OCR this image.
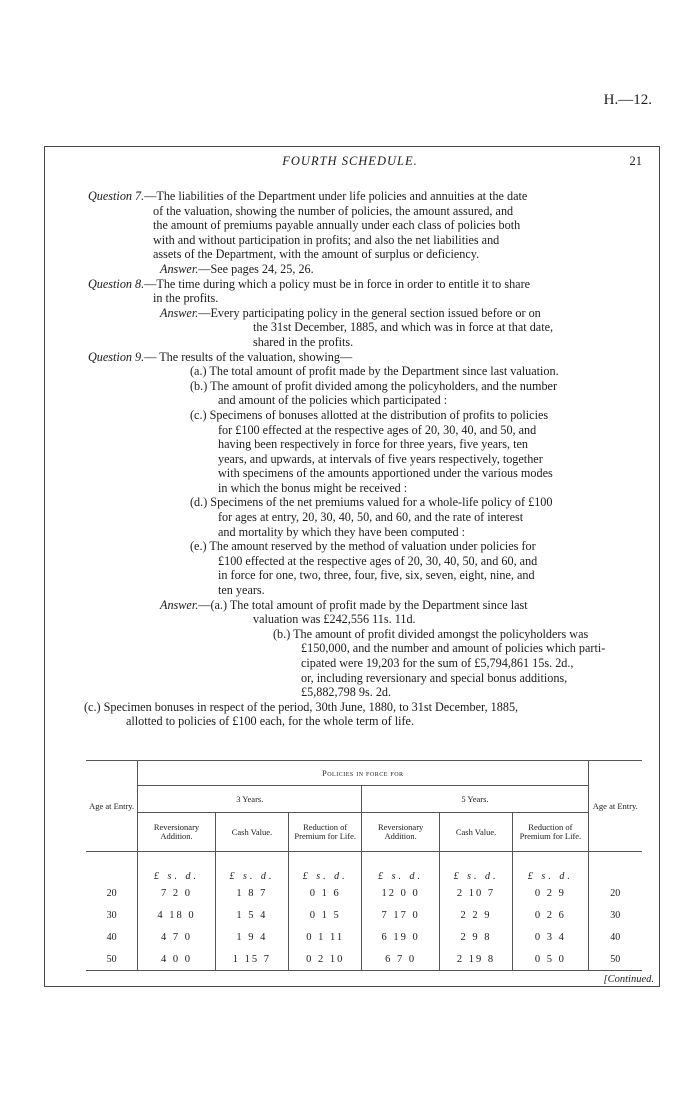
H.—12.
FOURTH SCHEDULE.	21

Question 7.—The liabilities of the Department under life policies and annuities at the date

of the valuation, showing the number of policies, the amount assured, and

the amount of premiums payable annually under each class of policies both

with and without participation in profits; and also the net liabilities and

assets of the Department, with the amount of surplus or deficiency.

Answer.—See pages 24, 25, 26.

Question 8.—The time during which a policy must be in force in order to entitle it to share

in the profits.

Answer.—Every participating policy in the general section issued before or on

the 31st December, 1885, and which was in force at that date,

shared in the profits.

Question 9.— The results of the valuation, showing—

(a.) The total amount of profit made by the Department since last valuation.

(b.) The amount of profit divided among the policyholders, and the number

and amount of the policies which participated :

(c.) Specimens of bonuses allotted at the distribution of profits to policies

for £100 effected at the respective ages of 20, 30, 40, and 50, and

having been respectively in force for three years, five years, ten

years, and upwards, at intervals of five years respectively, together

with specimens of the amounts apportioned under the various modes

in which the bonus might be received :

(d.) Specimens of the net premiums valued for a whole-life policy of £100

for ages at entry, 20, 30, 40, 50, and 60, and the rate of interest

and mortality by which they have been computed :

(e.) The amount reserved by the method of valuation under policies for

£100 effected at the respective ages of 20, 30, 40, 50, and 60, and

in force for one, two, three, four, five, six, seven, eight, nine, and

ten years.

Answer.—(a.) The total amount of profit made by the Department since last

valuation was £242,556 11s. 11d.

(b.) The amount of profit divided amongst the policyholders was

£150,000, and the number and amount of policies which parti-

cipated were 19,203 for the sum of £5,794,861 15s. 2d.,

or, including reversionary and special bonus additions,

£5,882,798 9s. 2d.

(c.) Specimen bonuses in respect of the period, 30th June, 1880, to 31st December, 1885,

allotted to policies of £100 each, for the whole term of life.

Age at Entry.	Policies in force for						Age at Entry.
	3 Years.			5 Years.			
	Reversionary Addition.	Cash Value.	Reduction of Premium for Life.	Reversionary Addition.	Cash Value.	Reduction of Premium for Life.	
	£ s. d.	£ s. d.	£ s. d.	£ s. d.	£ s. d.	£ s. d.	
20	7 2 0	1 8 7	0 1 6	12 0 0	2 10 7	0 2 9	20
30	4 18 0	1 5 4	0 1 5	7 17 0	2 2 9	0 2 6	30
40	4 7 0	1 9 4	0 1 11	6 19 0	2 9 8	0 3 4	40
50	4 0 0	1 15 7	0 2 10	6 7 0	2 19 8	0 5 0	50
[Continued.
